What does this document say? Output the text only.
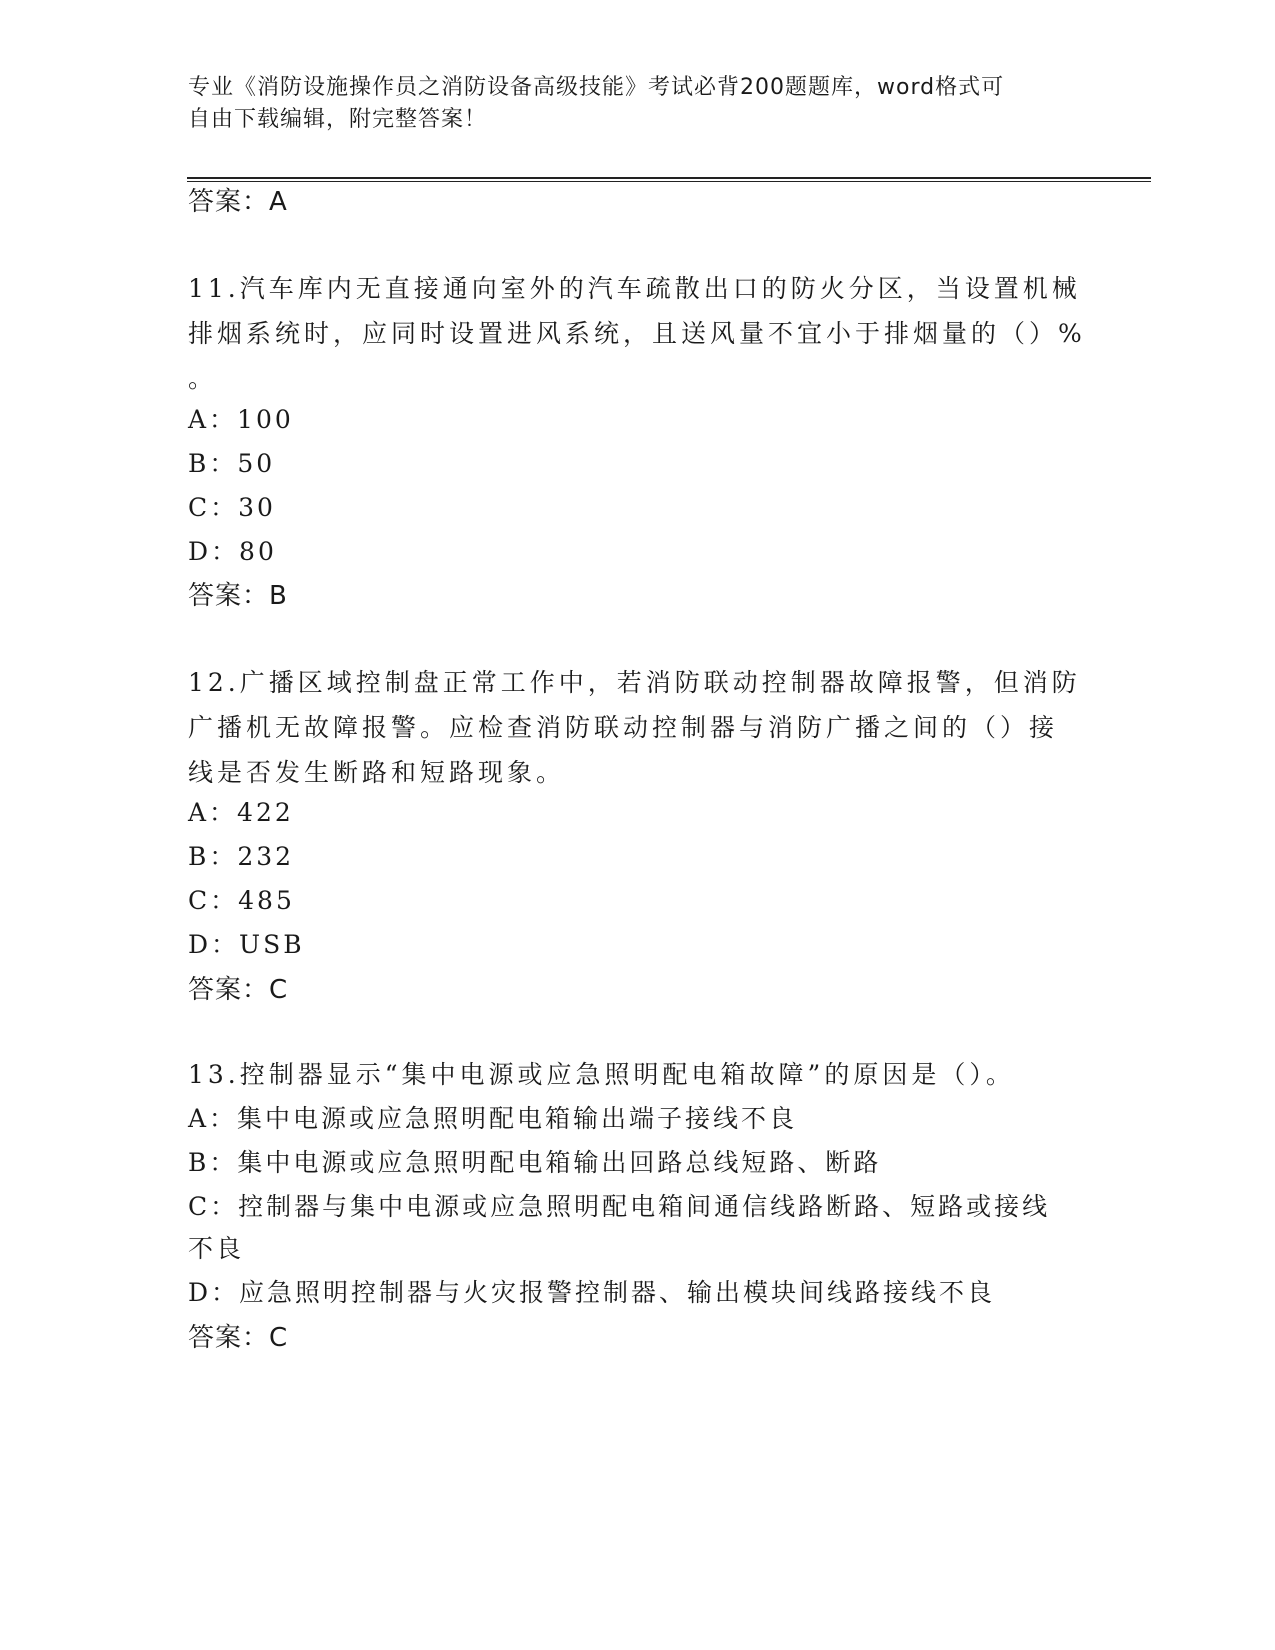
专业《消防设施操作员之消防设备高级技能》考试必背200题题库，word格式可
自由下载编辑，附完整答案！
答案：A
11.汽车库内无直接通向室外的汽车疏散出口的防火分区，当设置机械
排烟系统时，应同时设置进风系统，且送风量不宜小于排烟量的（）%
。
A：100
B：50
C：30
D：80
答案：B
12.广播区域控制盘正常工作中，若消防联动控制器故障报警，但消防
广播机无故障报警。应检查消防联动控制器与消防广播之间的（）接
线是否发生断路和短路现象。
A：422
B：232
C：485
D：USB
答案：C
13.控制器显示“集中电源或应急照明配电箱故障”的原因是（）。
A：集中电源或应急照明配电箱输出端子接线不良
B：集中电源或应急照明配电箱输出回路总线短路、断路
C：控制器与集中电源或应急照明配电箱间通信线路断路、短路或接线
不良
D：应急照明控制器与火灾报警控制器、输出模块间线路接线不良
答案：C
